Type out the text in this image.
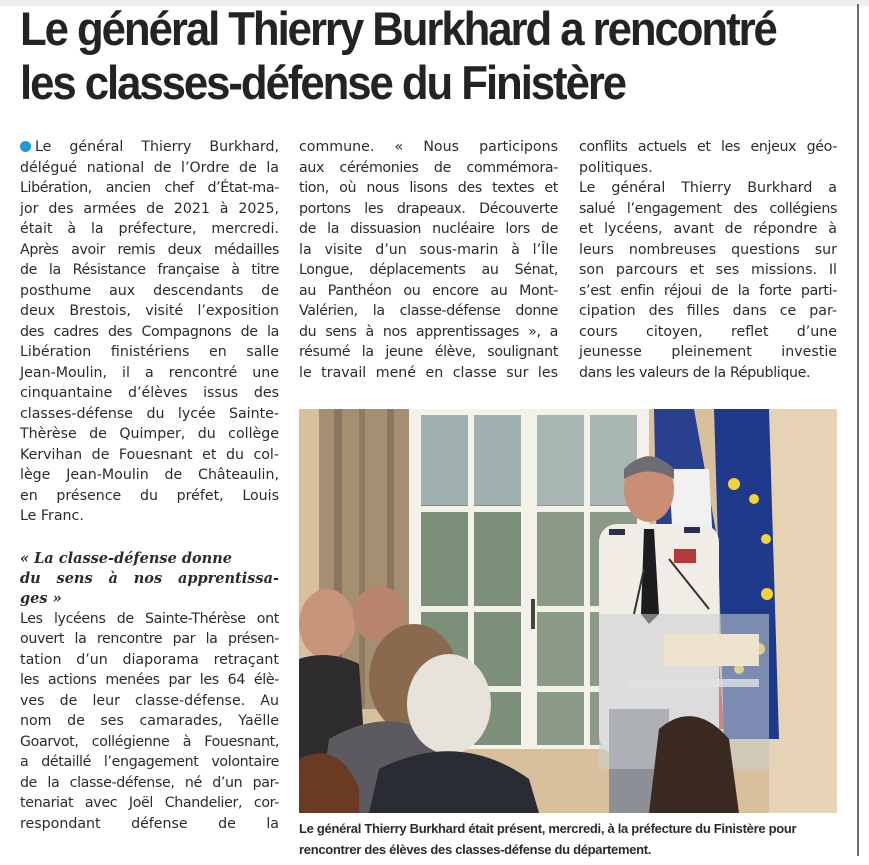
Le général Thierry Burkhard a rencontré
les classes-défense du Finistère

Le général Thierry Burkhard,
délégué national de l’Ordre de la
Libération, ancien chef d’État-ma-
jor des armées de 2021 à 2025,
était à la préfecture, mercredi.
Après avoir remis deux médailles
de la Résistance française à titre
posthume aux descendants de
deux Brestois, visité l’exposition
des cadres des Compagnons de la
Libération finistériens en salle
Jean-Moulin, il a rencontré une
cinquantaine d’élèves issus des
classes-défense du lycée Sainte-
Thèrèse de Quimper, du collège
Kervihan de Fouesnant et du col-
lège Jean-Moulin de Châteaulin,
en présence du préfet, Louis
Le Franc.

« La classe-défense donne
du sens à nos apprentissa-
ges »

Les lycéens de Sainte-Thérèse ont
ouvert la rencontre par la présen-
tation d’un diaporama retraçant
les actions menées par les 64 élè-
ves de leur classe-défense. Au
nom de ses camarades, Yaëlle
Goarvot, collégienne à Fouesnant,
a détaillé l’engagement volontaire
de la classe-défense, né d’un par-
tenariat avec Joël Chandelier, cor-
respondant défense de la

commune. « Nous participons
aux cérémonies de commémora-
tion, où nous lisons des textes et
portons les drapeaux. Découverte
de la dissuasion nucléaire lors de
la visite d’un sous-marin à l’Île
Longue, déplacements au Sénat,
au Panthéon ou encore au Mont-
Valérien, la classe-défense donne
du sens à nos apprentissages », a
résumé la jeune élève, soulignant
le travail mené en classe sur les

conflits actuels et les enjeux géo-
politiques.

Le général Thierry Burkhard a
salué l’engagement des collégiens
et lycéens, avant de répondre à
leurs nombreuses questions sur
son parcours et ses missions. Il
s’est enfin réjoui de la forte parti-
cipation des filles dans ce par-
cours citoyen, reflet d’une
jeunesse pleinement investie
dans les valeurs de la République.

Le général Thierry Burkhard était présent, mercredi, à la préfecture du Finistère pour
rencontrer des élèves des classes-défense du département.
